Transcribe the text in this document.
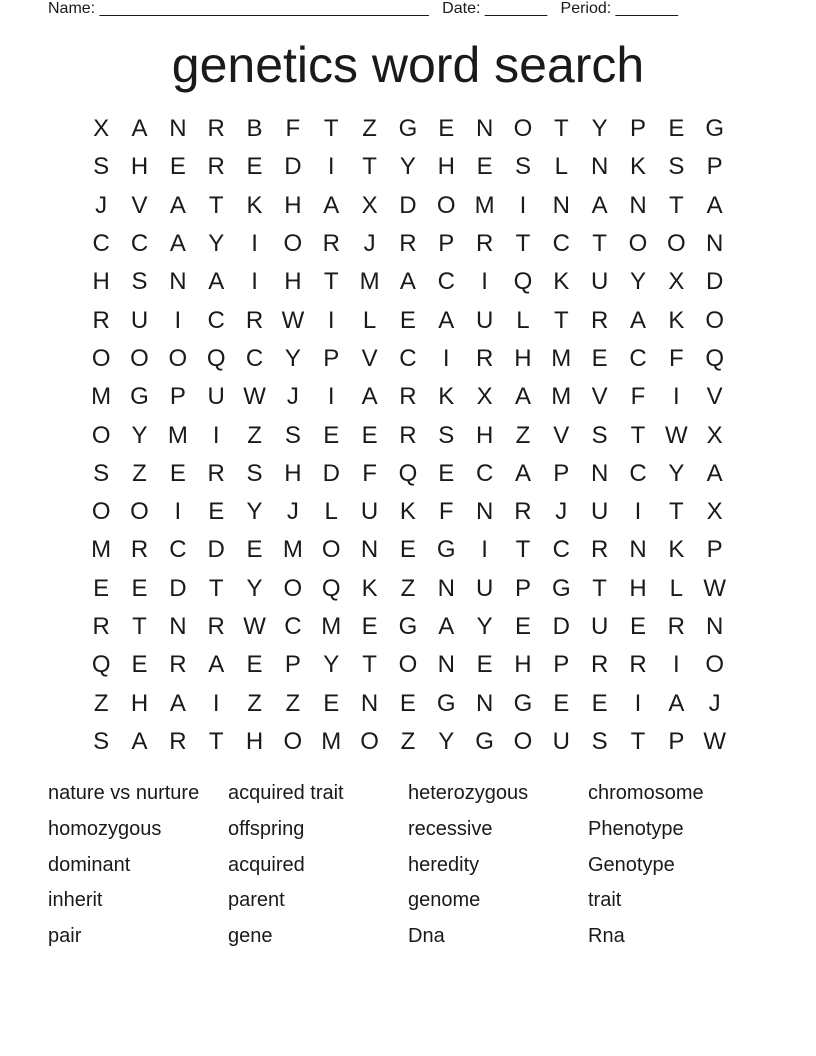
Name: _____________________________________ Date: _______ Period: _______
genetics word search
X A N R B F T Z G E N O T Y P E G
S H E R E D	I	T Y H E S L N K S P
J	V A T K H A X D O M	I	N A N T A
C C A Y	I	O R J R P R T C T O O N
H S N A	I	H T M A C	I	Q K U Y X D
R U	I	C R W I	L E A U L	T R A K O
O O O Q C Y P V C	I	R H M E C F Q
M G P U W J	I	A R K X A M V F	I	V
O Y M	I	Z S E E R S H Z V S T W X
S Z E R S H D F Q E C A P N C Y A
O O	I	E Y	J	L U K F N R J U	I	T X
M R C D E M O N E G	I	T C R N K P
E E D T Y O Q K Z N U P G T H L W
R T N R W C M E G A Y E D U E R N
Q E R A E P Y T O N E H P R R	I	O
Z H A	I	Z Z E N E G N G E E	I	A	J
S A R T H O M O Z Y G O U S T P W
nature vs nurture	acquired trait	heterozygous	chromosome
homozygous	offspring	recessive	Phenotype
dominant	acquired	heredity	Genotype
inherit	parent	genome	trait
pair	gene	Dna	Rna
